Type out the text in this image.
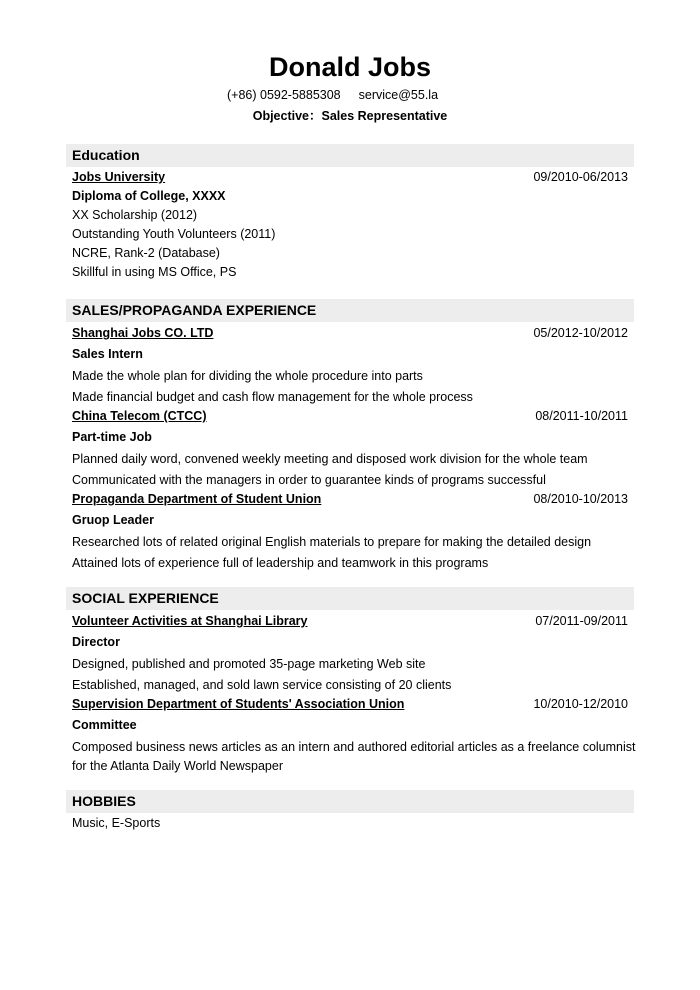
Donald Jobs
(+86) 0592-5885308 service@55.la
Objective：Sales Representative
Education
Jobs University	09/2010-06/2013
Diploma of College, XXXX
XX Scholarship (2012)
Outstanding Youth Volunteers (2011)
NCRE, Rank-2 (Database)
Skillful in using MS Office, PS
SALES/PROPAGANDA EXPERIENCE
Shanghai Jobs CO. LTD	05/2012-10/2012
Sales Intern
Made the whole plan for dividing the whole procedure into parts
Made financial budget and cash flow management for the whole process
China Telecom (CTCC)	08/2011-10/2011
Part-time Job
Planned daily word, convened weekly meeting and disposed work division for the whole team
Communicated with the managers in order to guarantee kinds of programs successful
Propaganda Department of Student Union	08/2010-10/2013
Gruop Leader
Researched lots of related original English materials to prepare for making the detailed design
Attained lots of experience full of leadership and teamwork in this programs
SOCIAL EXPERIENCE
Volunteer Activities at Shanghai Library	07/2011-09/2011
Director
Designed, published and promoted 35-page marketing Web site
Established, managed, and sold lawn service consisting of 20 clients
Supervision Department of Students' Association Union	10/2010-12/2010
Committee
Composed business news articles as an intern and authored editorial articles as a freelance columnist
for the Atlanta Daily World Newspaper
HOBBIES
Music, E-Sports
